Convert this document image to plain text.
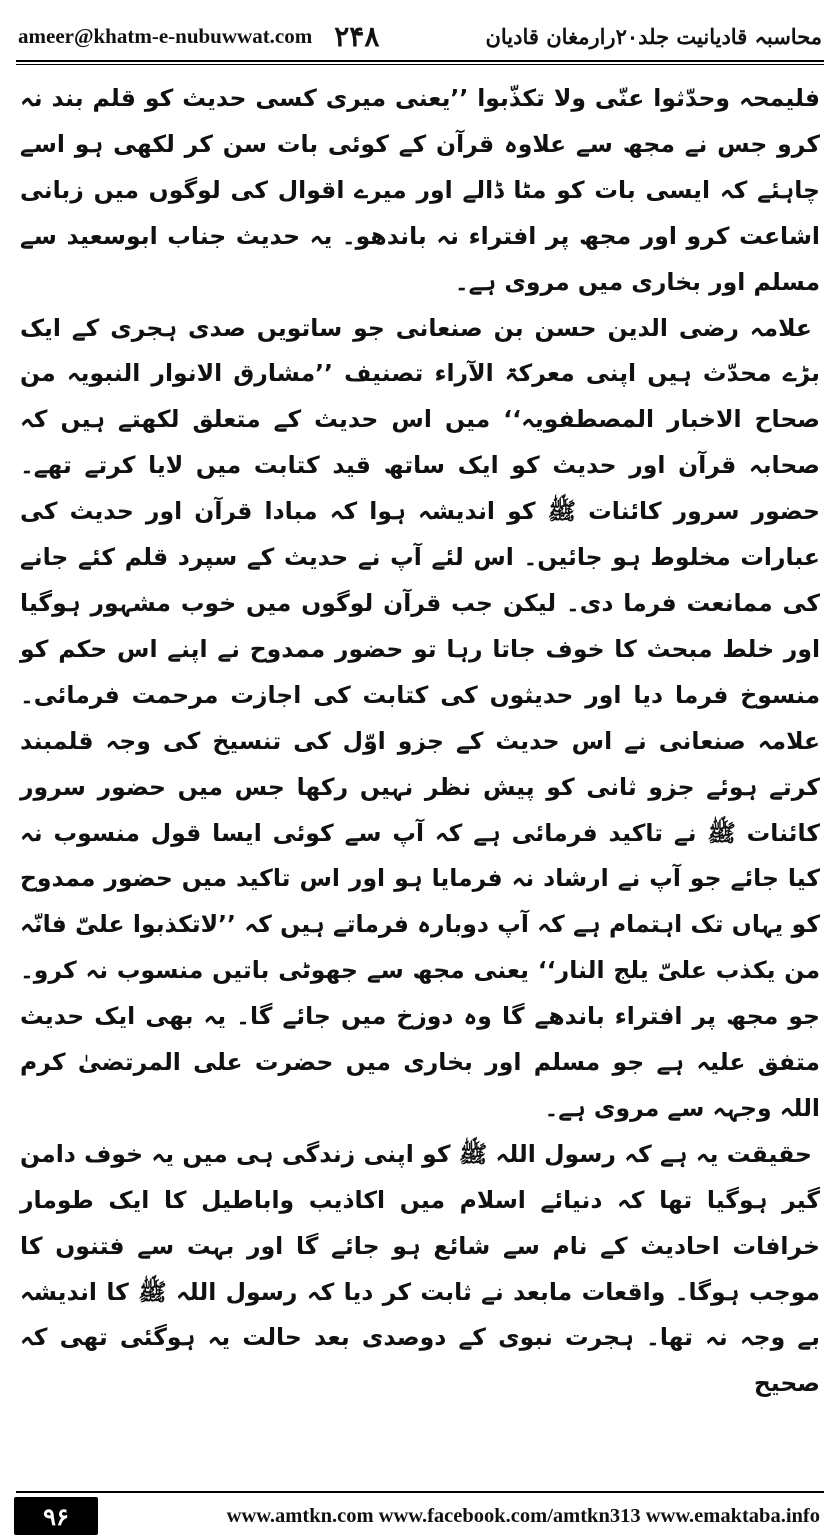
ameer@khatm-e-nubuwwat.com ۲۴۸	محاسبہ قادیانیت جلد۲۰رارمغان قادیان

فلیمحہ وحدّثوا عنّی ولا تکذّبوا ’’یعنی میری کسی حدیث کو قلم بند نہ کرو جس نے مجھ سے علاوہ قرآن کے کوئی بات سن کر لکھی ہو اسے چاہئے کہ ایسی بات کو مٹا ڈالے اور میرے اقوال کی لوگوں میں زبانی اشاعت کرو اور مجھ پر افتراء نہ باندھو۔ یہ حدیث جناب ابوسعید سے مسلم اور بخاری میں مروی ہے۔

علامہ رضی الدین حسن بن صنعانی جو ساتویں صدی ہجری کے ایک بڑے محدّث ہیں اپنی معرکۃ الآراء تصنیف ’’مشارق الانوار النبویہ من صحاح الاخبار المصطفویہ‘‘ میں اس حدیث کے متعلق لکھتے ہیں کہ صحابہ قرآن اور حدیث کو ایک ساتھ قید کتابت میں لایا کرتے تھے۔ حضور سرور کائنات ﷺ کو اندیشہ ہوا کہ مبادا قرآن اور حدیث کی عبارات مخلوط ہو جائیں۔ اس لئے آپ نے حدیث کے سپرد قلم کئے جانے کی ممانعت فرما دی۔ لیکن جب قرآن لوگوں میں خوب مشہور ہوگیا اور خلط مبحث کا خوف جاتا رہا تو حضور ممدوح نے اپنے اس حکم کو منسوخ فرما دیا اور حدیثوں کی کتابت کی اجازت مرحمت فرمائی۔ علامہ صنعانی نے اس حدیث کے جزو اوّل کی تنسیخ کی وجہ قلمبند کرتے ہوئے جزو ثانی کو پیش نظر نہیں رکھا جس میں حضور سرور کائنات ﷺ نے تاکید فرمائی ہے کہ آپ سے کوئی ایسا قول منسوب نہ کیا جائے جو آپ نے ارشاد نہ فرمایا ہو اور اس تاکید میں حضور ممدوح کو یہاں تک اہتمام ہے کہ آپ دوبارہ فرماتے ہیں کہ ’’لاتکذبوا علیّ فانّہ من یکذب علیّ یلج النار‘‘ یعنی مجھ سے جھوٹی باتیں منسوب نہ کرو۔ جو مجھ پر افتراء باندھے گا وہ دوزخ میں جائے گا۔ یہ بھی ایک حدیث متفق علیہ ہے جو مسلم اور بخاری میں حضرت علی المرتضیٰ کرم اللہ وجہہ سے مروی ہے۔

حقیقت یہ ہے کہ رسول اللہ ﷺ کو اپنی زندگی ہی میں یہ خوف دامن گیر ہوگیا تھا کہ دنیائے اسلام میں اکاذیب واباطیل کا ایک طومار خرافات احادیث کے نام سے شائع ہو جائے گا اور بہت سے فتنوں کا موجب ہوگا۔ واقعات مابعد نے ثابت کر دیا کہ رسول اللہ ﷺ کا اندیشہ بے وجہ نہ تھا۔ ہجرت نبوی کے دوصدی بعد حالت یہ ہوگئی تھی کہ صحیح

۹۶	www.amtkn.com www.facebook.com/amtkn313 www.emaktaba.info
